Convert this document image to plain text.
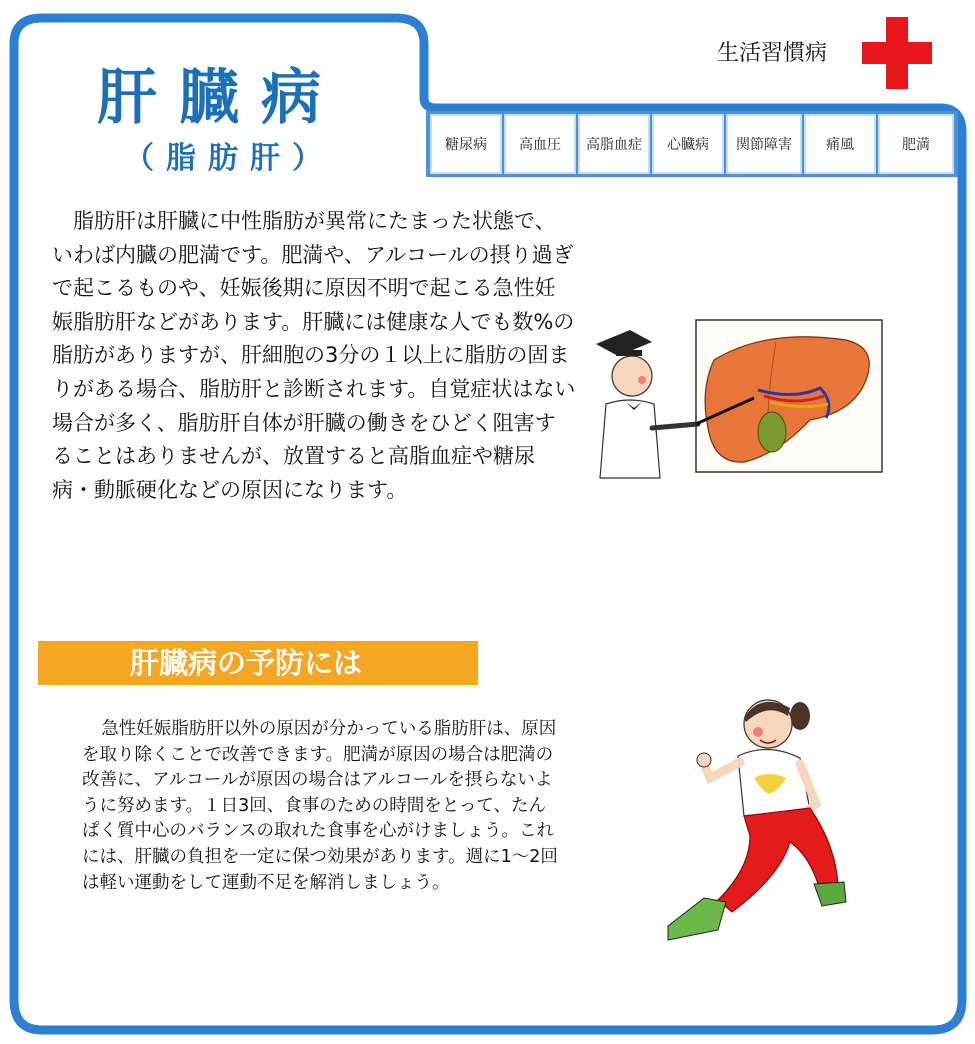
肝臓病
（脂肪肝）
生活習慣病
糖尿病	高血圧	高脂血症	心臓病	関節障害	痛風	肥満

脂肪肝は肝臓に中性脂肪が異常にたまった状態で、いわば内臓の肥満です。肥満や、アルコールの摂り過ぎで起こるものや、妊娠後期に原因不明で起こる急性妊娠脂肪肝などがあります。肝臓には健康な人でも数%の脂肪がありますが、肝細胞の3分の１以上に脂肪の固まりがある場合、脂肪肝と診断されます。自覚症状はない場合が多く、脂肪肝自体が肝臓の働きをひどく阻害することはありませんが、放置すると高脂血症や糖尿病・動脈硬化などの原因になります。

肝臓病の予防には

急性妊娠脂肪肝以外の原因が分かっている脂肪肝は、原因を取り除くことで改善できます。肥満が原因の場合は肥満の改善に、アルコールが原因の場合はアルコールを摂らないように努めます。１日3回、食事のための時間をとって、たんぱく質中心のバランスの取れた食事を心がけましょう。これには、肝臓の負担を一定に保つ効果があります。週に1～2回は軽い運動をして運動不足を解消しましょう。
